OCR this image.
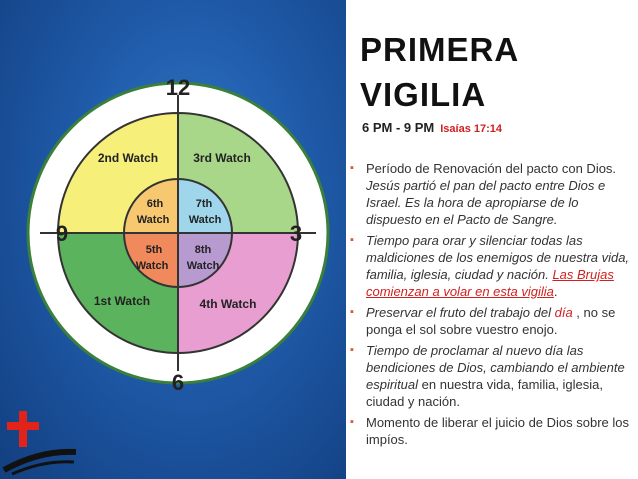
12
3
6
9
2nd Watch	3rd Watch
1st Watch	4th Watch
6th
Watch
7th
Watch
5th
Watch
8th
Watch
PRIMERA
VIGILIA
6 PM - 9 PM Isaías 17:14
▪ Período de Renovación del pacto con Dios. Jesús partió el pan del pacto entre Dios e Israel. Es la hora de apropiarse de lo dispuesto en el Pacto de Sangre.
▪ Tiempo para orar y silenciar todas las maldiciones de los enemigos de nuestra vida, familia, iglesia, ciudad y nación. Las Brujas comienzan a volar en esta vigilia.
▪ Preservar el fruto del trabajo del día , no se ponga el sol sobre vuestro enojo.
▪ Tiempo de proclamar al nuevo día las bendiciones de Dios, cambiando el ambiente espiritual en nuestra vida, familia, iglesia, ciudad y nación.
▪ Momento de liberar el juicio de Dios sobre los impíos.
